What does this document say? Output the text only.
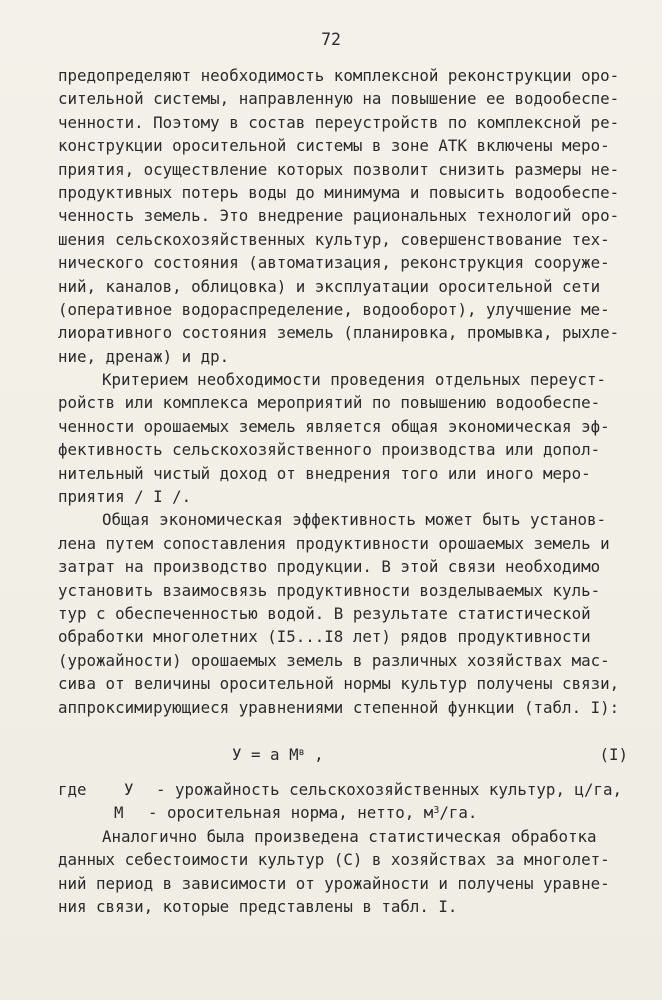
72
предопределяют необходимость комплексной реконструкции оро-
сительной системы, направленную на повышение ее водообеспе-
ченности. Поэтому в состав переустройств по комплексной ре-
конструкции оросительной системы в зоне АТК включены меро-
приятия, осуществление которых позволит снизить размеры не-
продуктивных потерь воды до минимума и повысить водообеспе-
ченность земель. Это внедрение рациональных технологий оро-
шения сельскохозяйственных культур, совершенствование тех-
нического состояния (автоматизация, реконструкция сооруже-
ний, каналов, облицовка) и эксплуатации оросительной сети
(оперативное водораспределение, водооборот), улучшение ме-
лиоративного состояния земель (планировка, промывка, рыхле-
ние, дренаж) и др.
Критерием необходимости проведения отдельных переуст-
ройств или комплекса мероприятий по повышению водообеспе-
ченности орошаемых земель является общая экономическая эф-
фективность сельскохозяйственного производства или допол-
нительный чистый доход от внедрения того или иного меро-
приятия / I /.
Общая экономическая эффективность может быть установ-
лена путем сопоставления продуктивности орошаемых земель и
затрат на производство продукции. В этой связи необходимо
установить взаимосвязь продуктивности возделываемых куль-
тур с обеспеченностью водой. В результате статистической
обработки многолетних (I5...I8 лет) рядов продуктивности
(урожайности) орошаемых земель в различных хозяйствах мас-
сива от величины оросительной нормы культур получены связи,
аппроксимирующиеся уравнениями степенной функции (табл. I):
У = а $М^в$ ,	(I)

где

У

- урожайность сельскохозяйственных культур, ц/га,

М

- оросительная норма, нетто, $м^3/га$.

Аналогично была произведена статистическая обработка
данных себестоимости культур (С) в хозяйствах за многолет-
ний период в зависимости от урожайности и получены уравне-
ния связи, которые представлены в табл. I.
